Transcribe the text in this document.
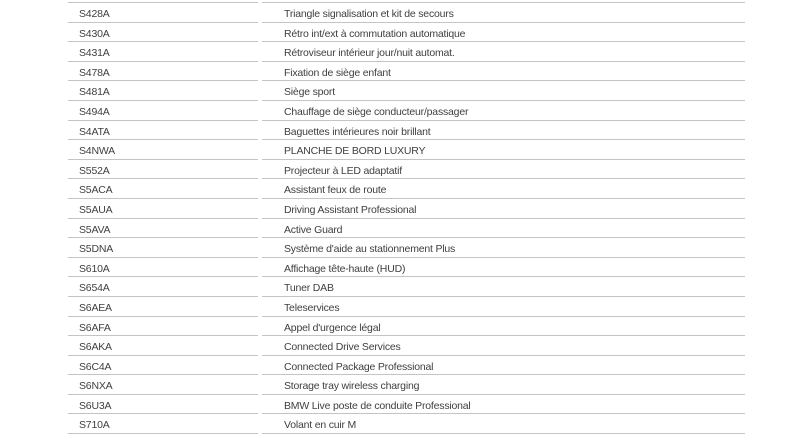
S428A	Triangle signalisation et kit de secours
S430A	Rétro int/ext à commutation automatique
S431A	Rétroviseur intérieur jour/nuit automat.
S478A	Fixation de siège enfant
S481A	Siège sport
S494A	Chauffage de siège conducteur/passager
S4ATA	Baguettes intérieures noir brillant
S4NWA	PLANCHE DE BORD LUXURY
S552A	Projecteur à LED adaptatif
S5ACA	Assistant feux de route
S5AUA	Driving Assistant Professional
S5AVA	Active Guard
S5DNA	Système d'aide au stationnement Plus
S610A	Affichage tête-haute (HUD)
S654A	Tuner DAB
S6AEA	Teleservices
S6AFA	Appel d'urgence légal
S6AKA	Connected Drive Services
S6C4A	Connected Package Professional
S6NXA	Storage tray wireless charging
S6U3A	BMW Live poste de conduite Professional
S710A	Volant en cuir M
